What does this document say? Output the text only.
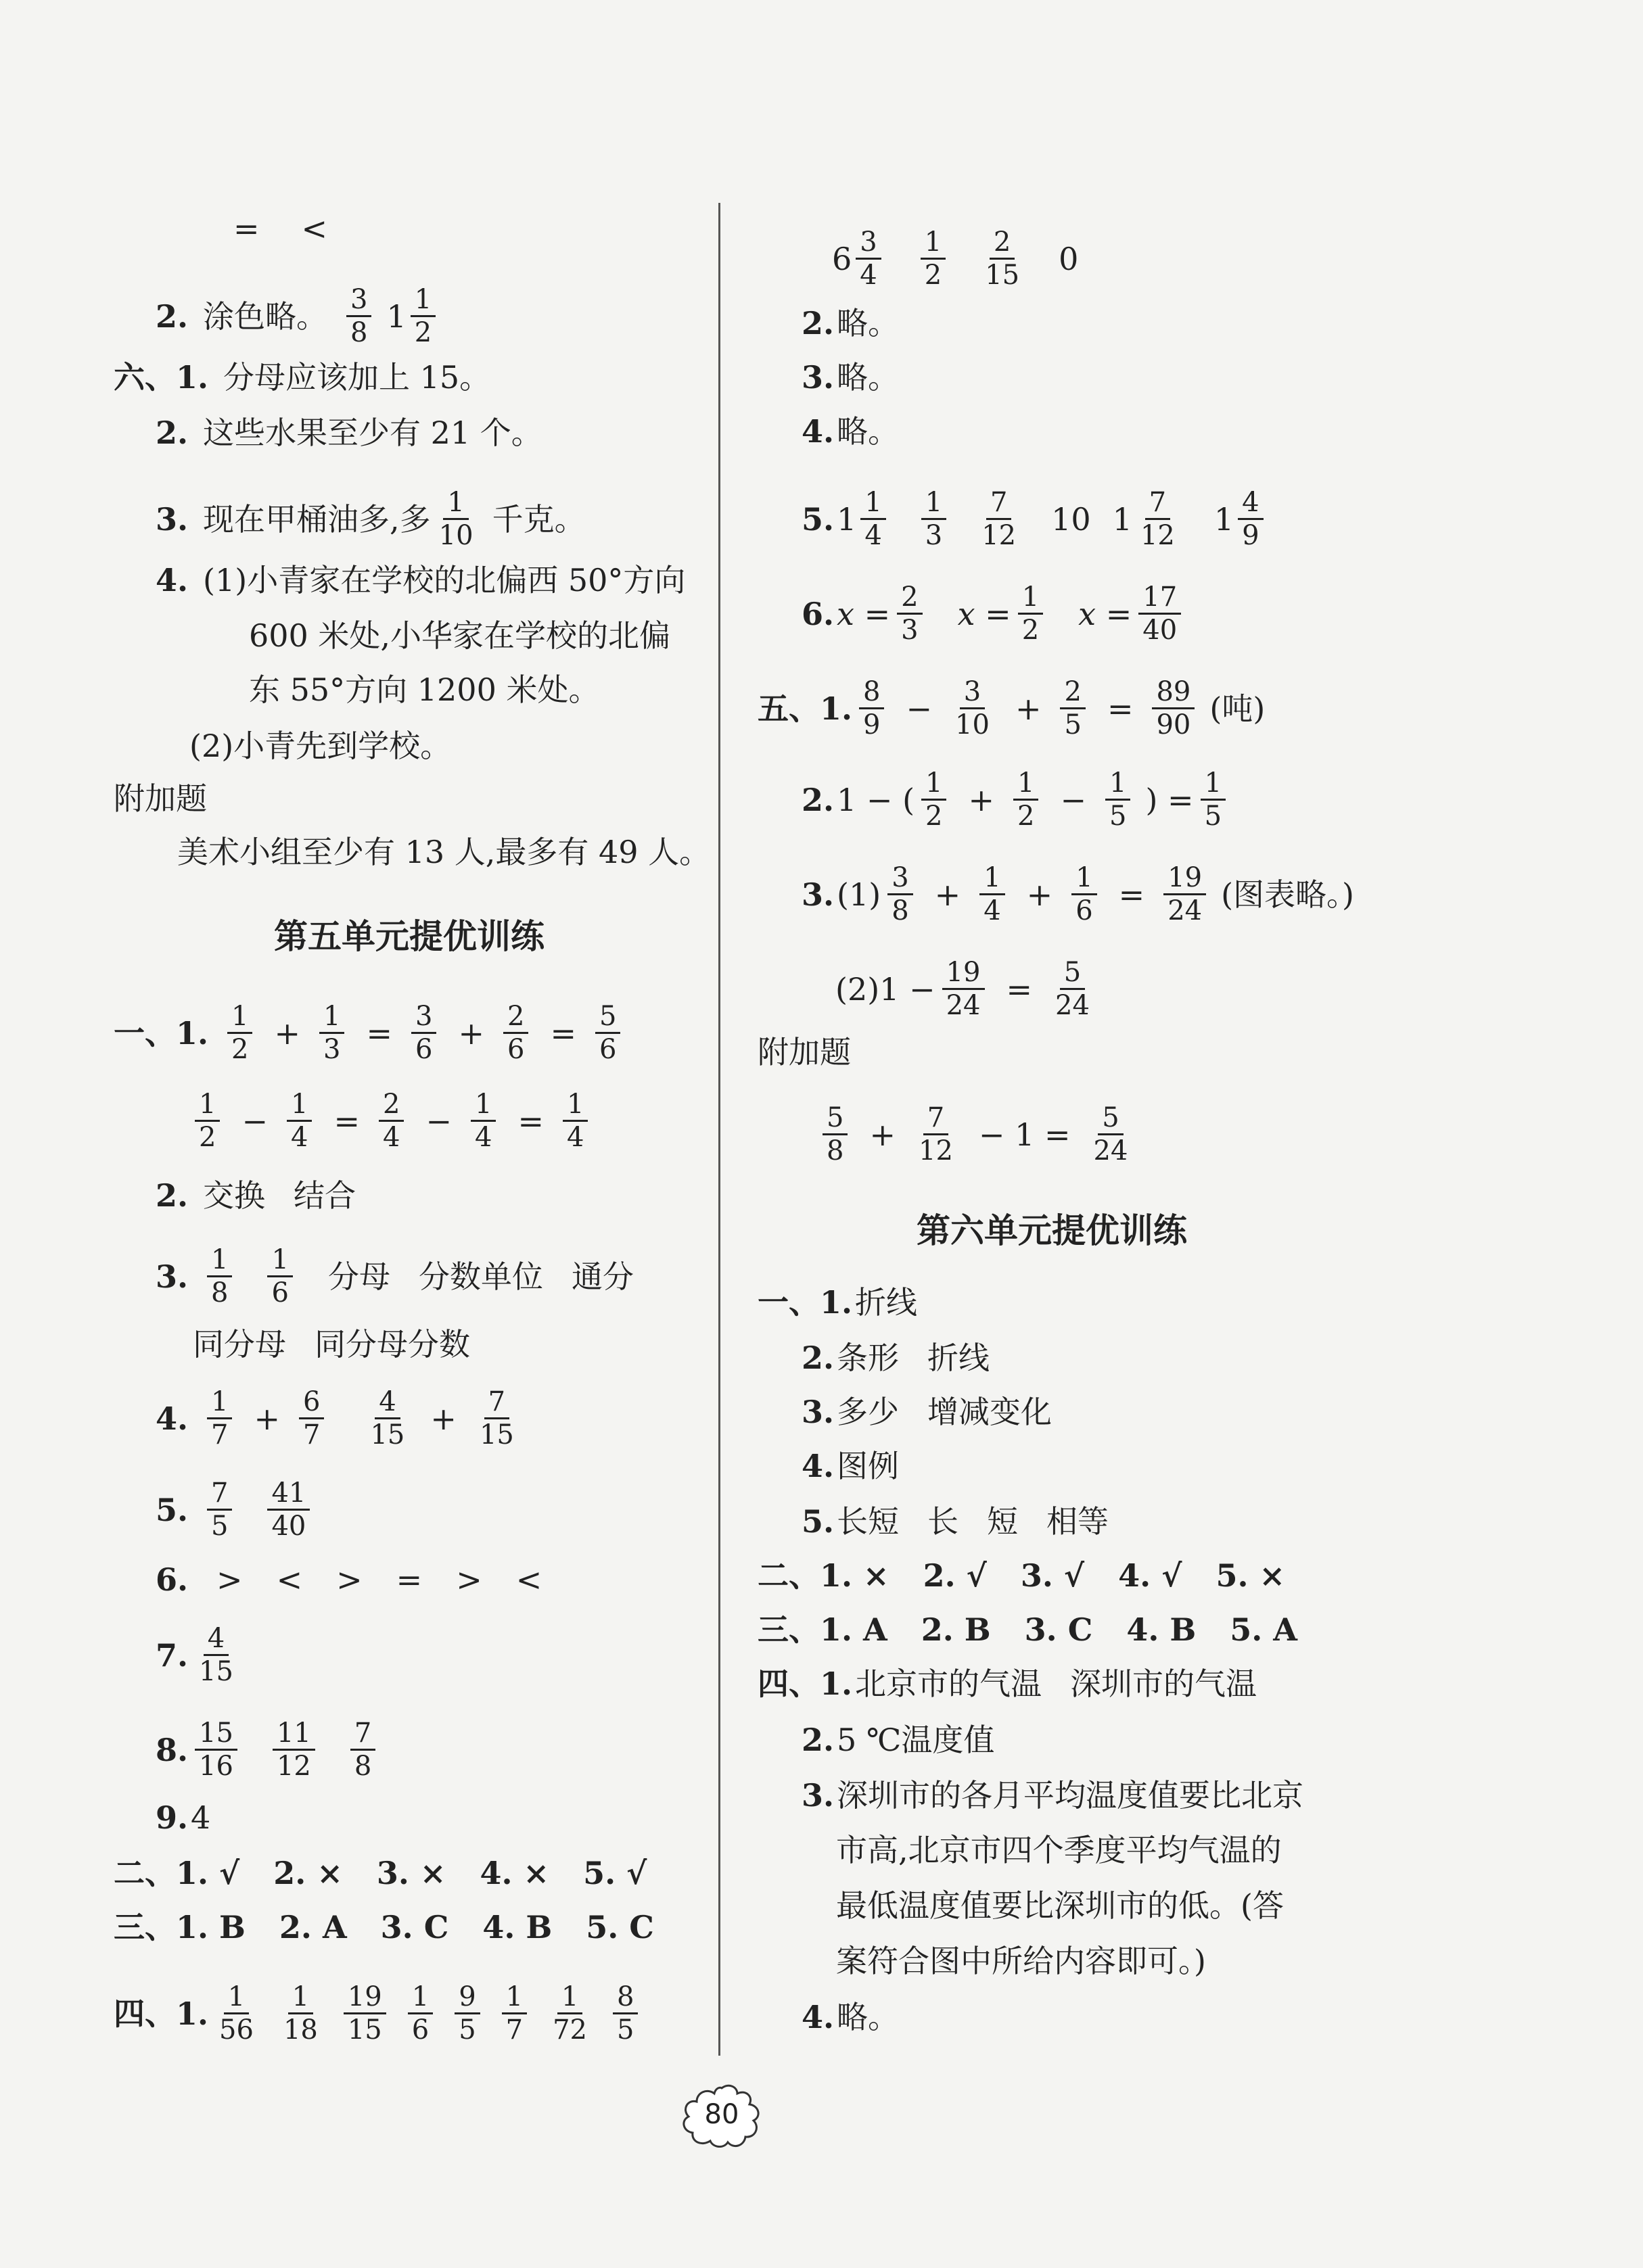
= <
2. 涂色略。 $\frac{3}{8} 1 \frac{1}{2}$
六、1. 分母应该加上 15。
2. 这些水果至少有 21 个。
3. 现在甲桶油多,多 $\frac{1}{10}$ 千克。
4. (1)小青家在学校的北偏西 50°方向
600 米处,小华家在学校的北偏
东 55°方向 1200 米处。
(2)小青先到学校。
附加题
美术小组至少有 13 人,最多有 49 人。
第五单元提优训练
一、1. $\frac{1}{2} + \frac{1}{3} = \frac{3}{6} + \frac{2}{6} = \frac{5}{6}$
$\frac{1}{2} - \frac{1}{4} = \frac{2}{4} - \frac{1}{4} = \frac{1}{4}$
2. 交换 结合
3. $\frac{1}{8} \frac{1}{6}$ 分母 分数单位 通分
同分母 同分母分数
4. $\frac{1}{7} + \frac{6}{7} \frac{4}{15} + \frac{7}{15}$
5. $\frac{7}{5} \frac{41}{40}$
6. > < > = > <
7. $\frac{4}{15}$
8. $\frac{15}{16} \frac{11}{12} \frac{7}{8}$
9. 4
二、 1. √ 2. × 3. × 4. × 5. √
三、 1. B 2. A 3. C 4. B 5. C
四、1. $\frac{1}{56} \frac{1}{18} \frac{19}{15} \frac{1}{6} \frac{9}{5} \frac{1}{7} \frac{1}{72} \frac{8}{5}$
$6 \frac{3}{4} \frac{1}{2} \frac{2}{15} 0$
2. 略。
3. 略。
4. 略。
5. $1 \frac{1}{4} \frac{1}{3} \frac{7}{12} 10$ $1 \frac{7}{12} 1 \frac{4}{9}$
6. $x = \frac{2}{3}$ $x = \frac{1}{2}$ $x = \frac{17}{40}$
五、1. $\frac{8}{9} - \frac{3}{10} + \frac{2}{5} = \frac{89}{90}$ (吨)
2. 1 − ( $\frac{1}{2} + \frac{1}{2} - \frac{1}{5}$ ) = $\frac{1}{5}$
3. $(1) \frac{3}{8} + \frac{1}{4} + \frac{1}{6} = \frac{19}{24}$ (图表略。)
$(2)1 - \frac{19}{24} = \frac{5}{24}$
附加题
$\frac{5}{8} + \frac{7}{12} - 1 = \frac{5}{24}$
第六单元提优训练
一、1. 折线
2. 条形 折线
3. 多少 增减变化
4. 图例
5. 长短 长 短 相等
二、 1. × 2. √ 3. √ 4. √ 5. ×
三、 1. A 2. B 3. C 4. B 5. A
四、1. 北京市的气温 深圳市的气温
2. 5 ℃温度值
3. 深圳市的各月平均温度值要比北京
市高,北京市四个季度平均气温的
最低温度值要比深圳市的低。(答
案符合图中所给内容即可。)
4. 略。
80
